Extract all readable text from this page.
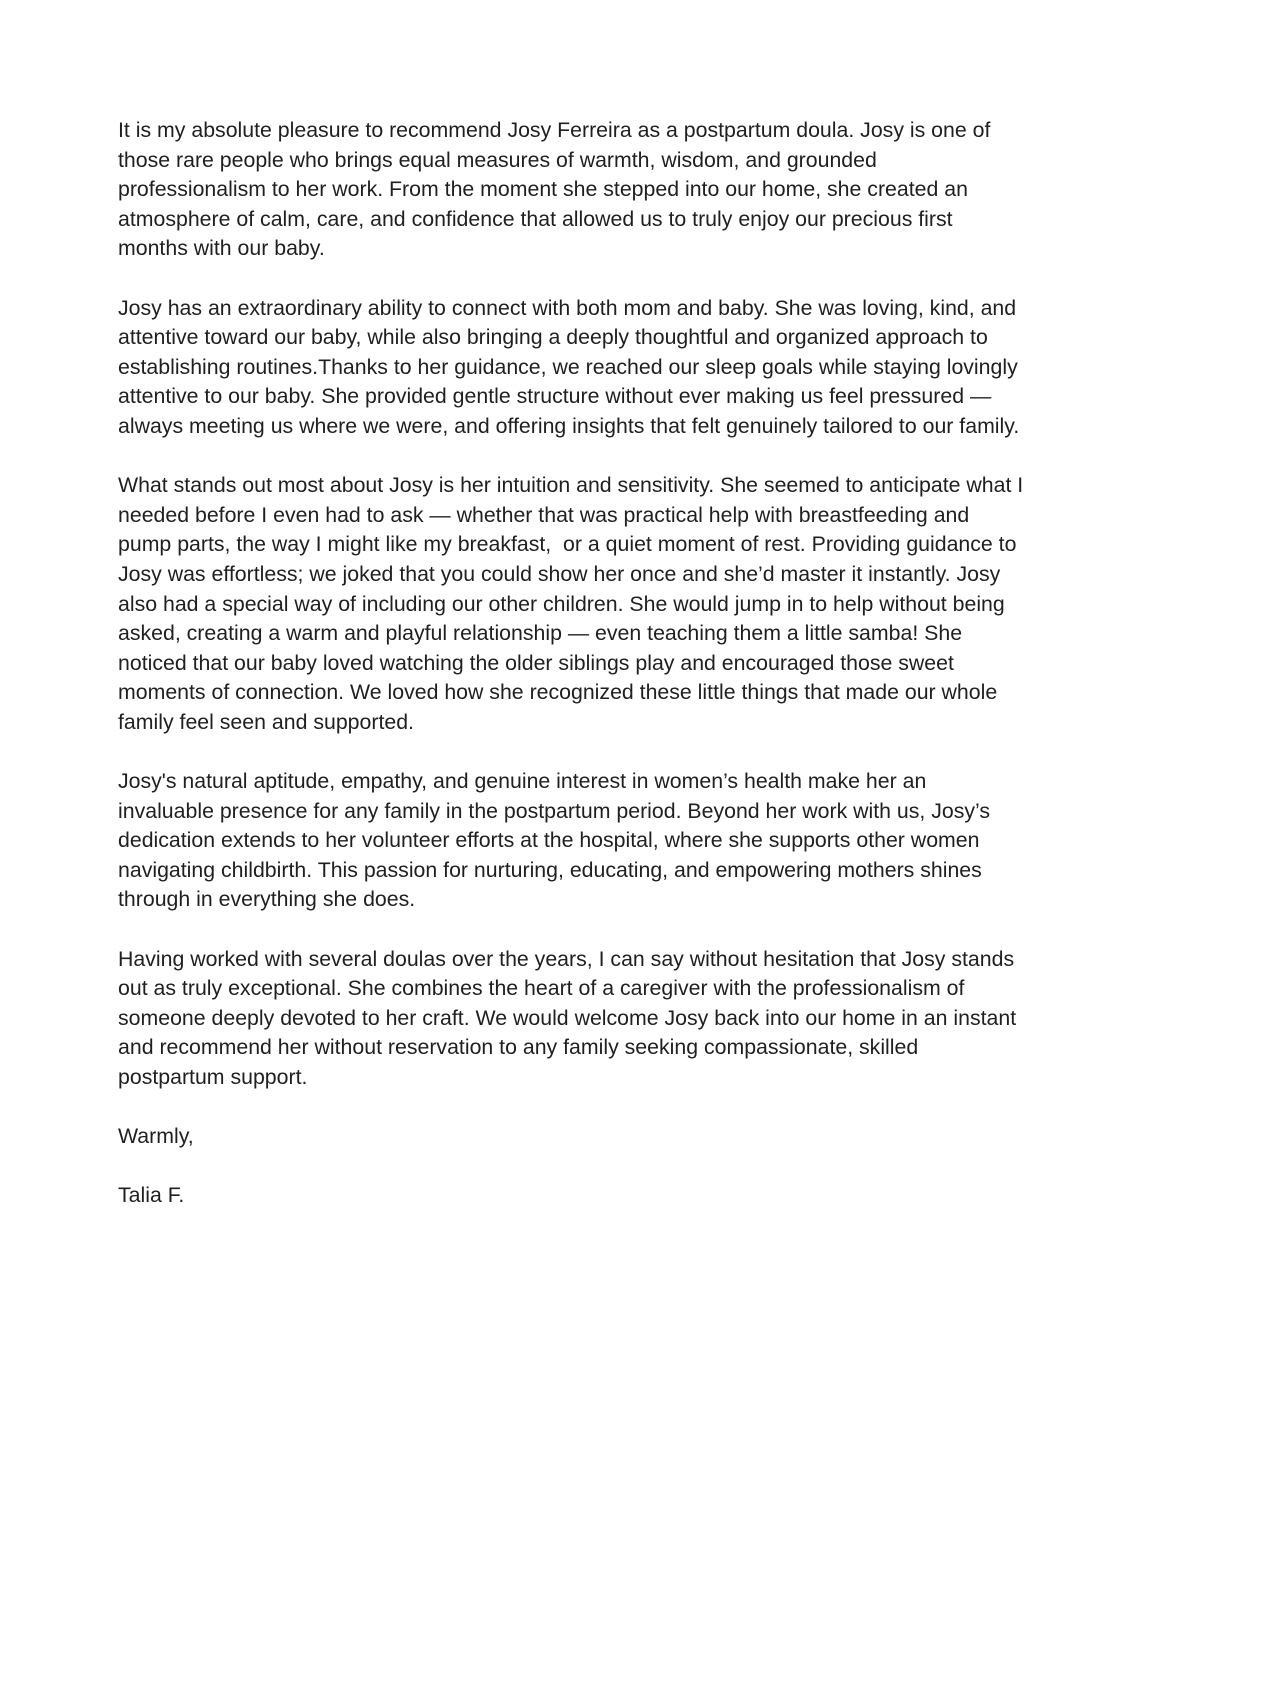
It is my absolute pleasure to recommend Josy Ferreira as a postpartum doula. Josy is one of
those rare people who brings equal measures of warmth, wisdom, and grounded
professionalism to her work. From the moment she stepped into our home, she created an
atmosphere of calm, care, and confidence that allowed us to truly enjoy our precious first
months with our baby.

Josy has an extraordinary ability to connect with both mom and baby. She was loving, kind, and
attentive toward our baby, while also bringing a deeply thoughtful and organized approach to
establishing routines.Thanks to her guidance, we reached our sleep goals while staying lovingly
attentive to our baby. She provided gentle structure without ever making us feel pressured —
always meeting us where we were, and offering insights that felt genuinely tailored to our family.

What stands out most about Josy is her intuition and sensitivity. She seemed to anticipate what I
needed before I even had to ask — whether that was practical help with breastfeeding and
pump parts, the way I might like my breakfast,  or a quiet moment of rest. Providing guidance to
Josy was effortless; we joked that you could show her once and she’d master it instantly. Josy
also had a special way of including our other children. She would jump in to help without being
asked, creating a warm and playful relationship — even teaching them a little samba! She
noticed that our baby loved watching the older siblings play and encouraged those sweet
moments of connection. We loved how she recognized these little things that made our whole
family feel seen and supported.

Josy's natural aptitude, empathy, and genuine interest in women’s health make her an
invaluable presence for any family in the postpartum period. Beyond her work with us, Josy’s
dedication extends to her volunteer efforts at the hospital, where she supports other women
navigating childbirth. This passion for nurturing, educating, and empowering mothers shines
through in everything she does.

Having worked with several doulas over the years, I can say without hesitation that Josy stands
out as truly exceptional. She combines the heart of a caregiver with the professionalism of
someone deeply devoted to her craft. We would welcome Josy back into our home in an instant
and recommend her without reservation to any family seeking compassionate, skilled
postpartum support.

Warmly,

Talia F.
